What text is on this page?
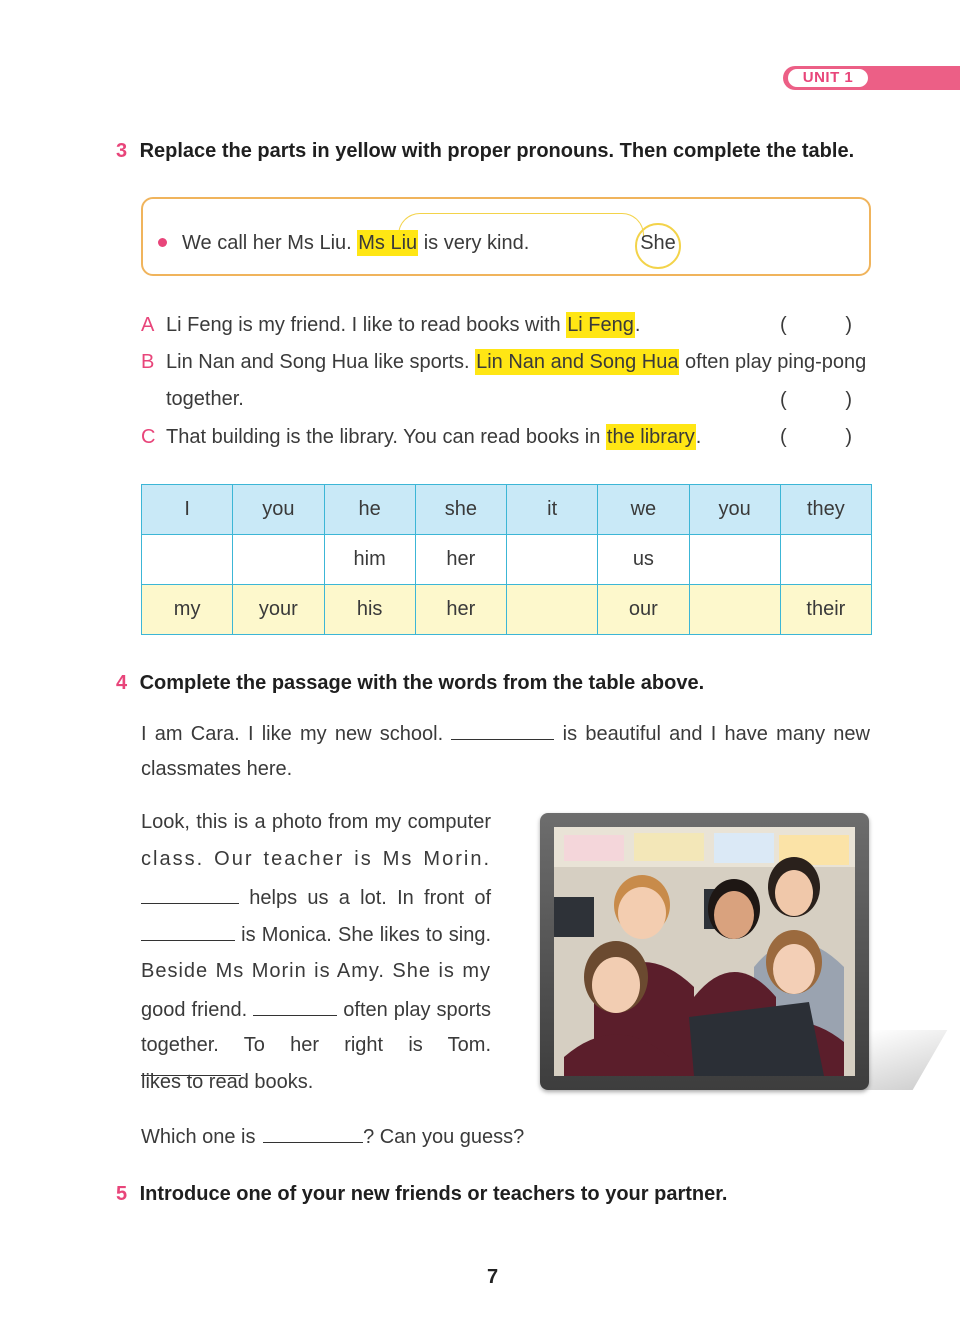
UNIT 1
3 Replace the parts in yellow with proper pronouns. Then complete the table.
We call her Ms Liu. Ms Liu is very kind.	She
A Li Feng is my friend. I like to read books with Li Feng.	(	)
B Lin Nan and Song Hua like sports. Lin Nan and Song Hua often play ping-pong
together.	(	)
C That building is the library. You can read books in the library.	(	)
I	you	he	she	it	we	you	they
		him	her		us		
my	your	his	her		our		their
4 Complete the passage with the words from the table above.
I am Cara. I like my new school.	is beautiful and I have many new
classmates here.
Look, this is a photo from my computer
class. Our teacher is Ms Morin.
helps us a lot. In front of
is Monica. She likes to sing.
Beside Ms Morin is Amy. She is my
good friend.	often play sports
together. To her right is Tom.
likes to read books.
Which one is	? Can you guess?
5 Introduce one of your new friends or teachers to your partner.
7
